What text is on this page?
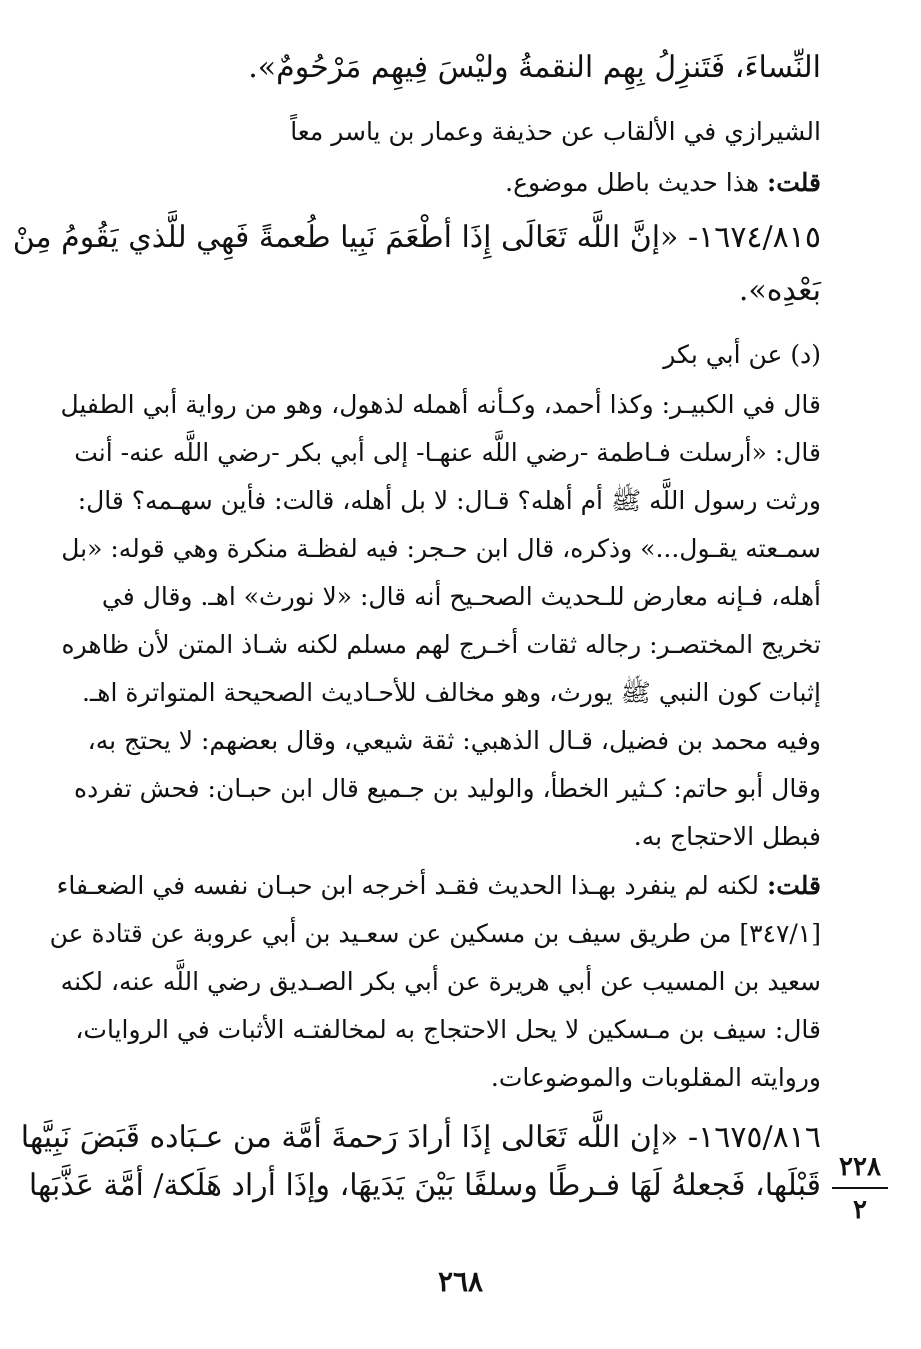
النِّساءَ، فَتَنزِلُ بِهِم النقمةُ وليْسَ فِيهِم مَرْحُومٌ».
الشيرازي في الألقاب عن حذيفة وعمار بن ياسر معاً
قلت: هذا حديث باطل موضوع.
١٦٧٤/٨١٥- «إنَّ اللَّه تَعَالَى إِذَا أطْعَمَ نَبِيا طُعمةً فَهِي للَّذي يَقُومُ مِنْ
بَعْدِه».
(د) عن أبي بكر
قال في الكبيـر: وكذا أحمد، وكـأنه أهمله لذهول، وهو من رواية أبي الطفيل
قال: «أرسلت فـاطمة -رضي اللَّه عنهـا- إلى أبي بكر -رضي اللَّه عنه- أنت
ورثت رسول اللَّه ﷺ أم أهله؟ قـال: لا بل أهله، قالت: فأين سهـمه؟ قال:
سمـعته يقـول...» وذكره، قال ابن حـجر: فيه لفظـة منكرة وهي قوله: «بل
أهله، فـإنه معارض للـحديث الصحـيح أنه قال: «لا نورث» اهـ. وقال في
تخريج المختصـر: رجاله ثقات أخـرج لهم مسلم لكنه شـاذ المتن لأن ظاهره
إثبات كون النبي ﷺ يورث، وهو مخالف للأحـاديث الصحيحة المتواترة اهـ.
وفيه محمد بن فضيل، قـال الذهبي: ثقة شيعي، وقال بعضهم: لا يحتج به،
وقال أبو حاتم: كـثير الخطأ، والوليد بن جـميع قال ابن حبـان: فحش تفرده
فبطل الاحتجاج به.
قلت: لكنه لم ينفرد بهـذا الحديث فقـد أخرجه ابن حبـان نفسه في الضعـفاء
[٣٤٧/١] من طريق سيف بن مسكين عن سعـيد بن أبي عروبة عن قتادة عن
سعيد بن المسيب عن أبي هريرة عن أبي بكر الصـديق رضي اللَّه عنه، لكنه
قال: سيف بن مـسكين لا يحل الاحتجاج به لمخالفتـه الأثبات في الروايات،
وروايته المقلوبات والموضوعات.
١٦٧٥/٨١٦- «إن اللَّه تَعَالى إذَا أرادَ رَحمةَ أمَّة من عـبَاده قَبَضَ نَبِيَّها
قَبْلَها، فَجعلهُ لَهَا فـرطًا وسلفًا بَيْنَ يَدَيهَا، وإذَا أراد هَلَكة/ أمَّة عَذَّبَها
٢٢٨
٢
٢٦٨
